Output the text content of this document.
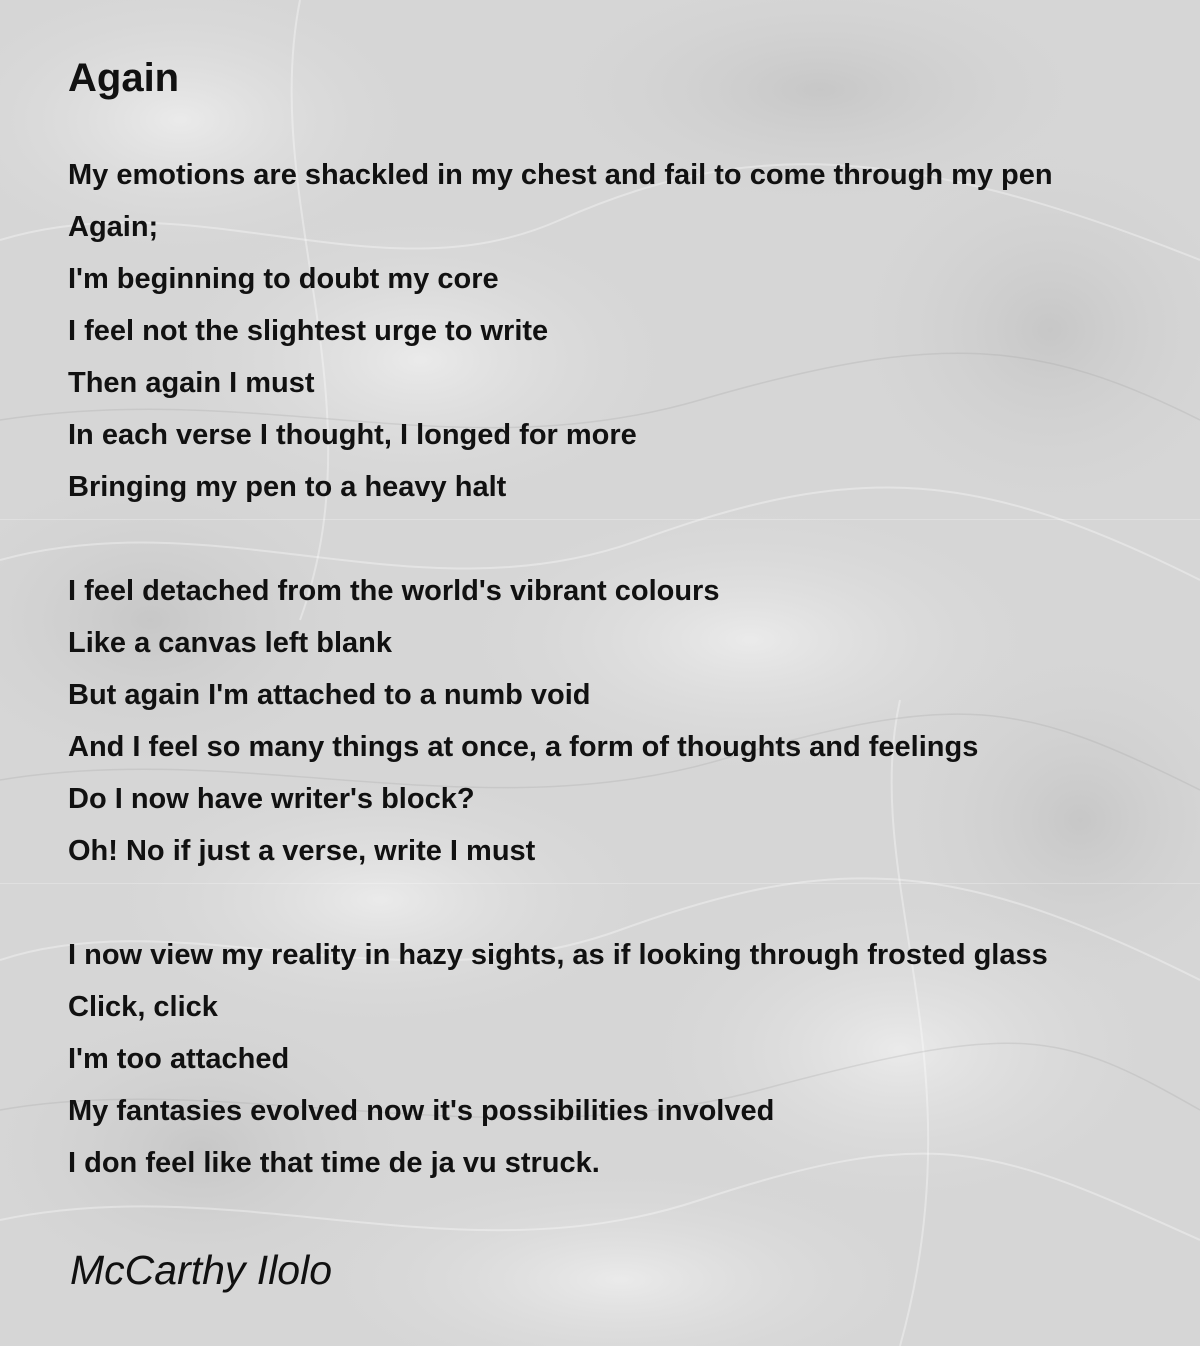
Again
My emotions are shackled in my chest and fail to come through my pen
Again;
I'm beginning to doubt my core
I feel not the slightest urge to write
Then again I must
In each verse I thought, I longed for more
Bringing my pen to a heavy halt
I feel detached from the world's vibrant colours
Like a canvas left blank
But again I'm attached to a numb void
And I feel so many things at once, a form of thoughts and feelings
Do I now have writer's block?
Oh! No if just a verse, write I must
I now view my reality in hazy sights, as if looking through frosted glass
Click, click
I'm too attached
My fantasies evolved now it's possibilities involved
I don feel like that time de ja vu struck.
McCarthy Ilolo
